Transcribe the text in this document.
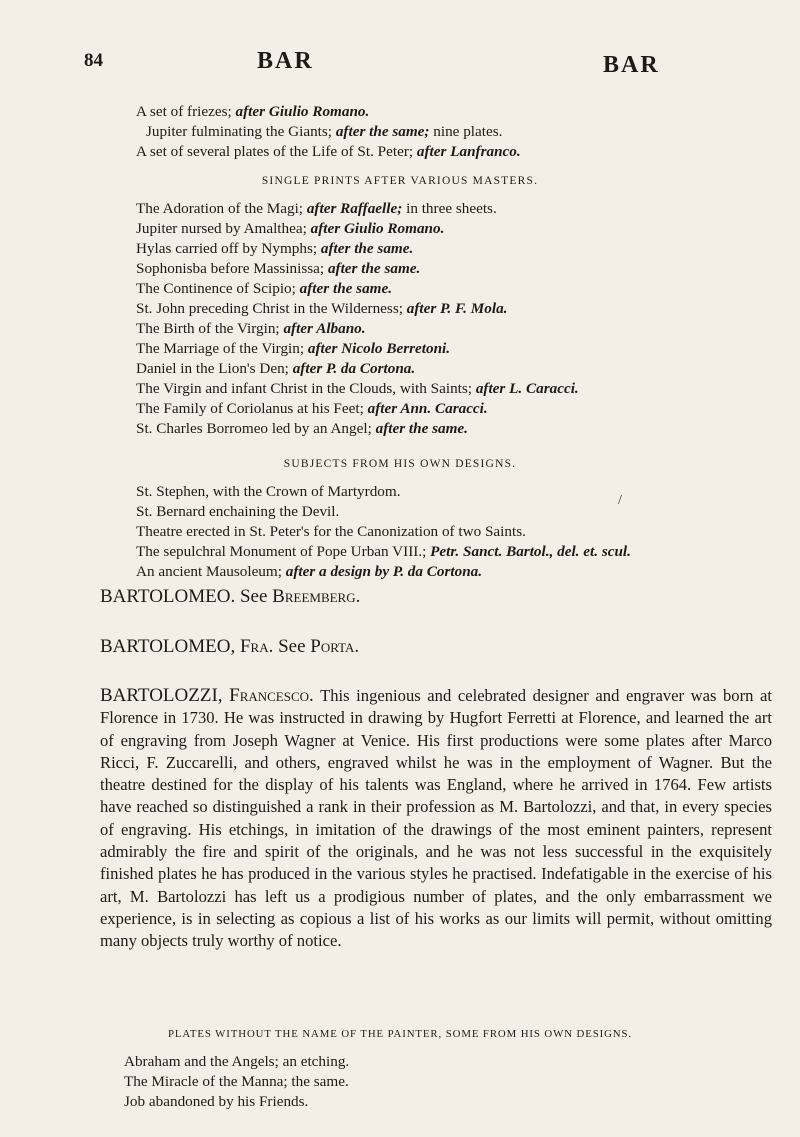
84	BAR	BAR
A set of friezes; after Giulio Romano.
Jupiter fulminating the Giants; after the same; nine plates.
A set of several plates of the Life of St. Peter; after Lanfranco.
SINGLE PRINTS AFTER VARIOUS MASTERS.
The Adoration of the Magi; after Raffaelle; in three sheets.
Jupiter nursed by Amalthea; after Giulio Romano.
Hylas carried off by Nymphs; after the same.
Sophonisba before Massinissa; after the same.
The Continence of Scipio; after the same.
St. John preceding Christ in the Wilderness; after P. F. Mola.
The Birth of the Virgin; after Albano.
The Marriage of the Virgin; after Nicolo Berretoni.
Daniel in the Lion's Den; after P. da Cortona.
The Virgin and infant Christ in the Clouds, with Saints; after L. Caracci.
The Family of Coriolanus at his Feet; after Ann. Caracci.
St. Charles Borromeo led by an Angel; after the same.
SUBJECTS FROM HIS OWN DESIGNS.
St. Stephen, with the Crown of Martyrdom.
St. Bernard enchaining the Devil.
Theatre erected in St. Peter's for the Canonization of two Saints.
The sepulchral Monument of Pope Urban VIII.; Petr. Sanct. Bartol., del. et. scul.
An ancient Mausoleum; after a design by P. da Cortona.
BARTOLOMEO. See Breemberg.
BARTOLOMEO, Fra. See Porta.
BARTOLOZZI, Francesco. This ingenious and celebrated designer and engraver was born at Florence in 1730. He was instructed in drawing by Hugfort Ferretti at Florence, and learned the art of engraving from Joseph Wagner at Venice. His first productions were some plates after Marco Ricci, F. Zuccarelli, and others, engraved whilst he was in the employment of Wagner. But the theatre destined for the display of his talents was England, where he arrived in 1764. Few artists have reached so distinguished a rank in their profession as M. Bartolozzi, and that, in every species of engraving. His etchings, in imitation of the drawings of the most eminent painters, represent admirably the fire and spirit of the originals, and he was not less successful in the exquisitely finished plates he has produced in the various styles he practised. Indefatigable in the exercise of his art, M. Bartolozzi has left us a prodigious number of plates, and the only embarrassment we experience, is in selecting as copious a list of his works as our limits will permit, without omitting many objects truly worthy of notice.
PLATES WITHOUT THE NAME OF THE PAINTER, SOME FROM HIS OWN DESIGNS.
Abraham and the Angels; an etching.
The Miracle of the Manna; the same.
Job abandoned by his Friends.
/
